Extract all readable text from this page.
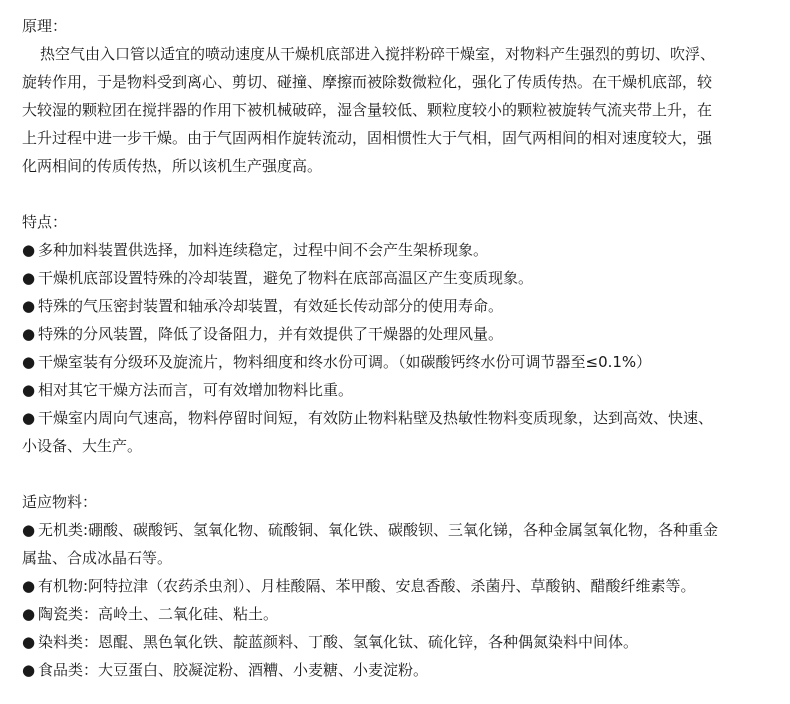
原理：
热空气由入口管以适宜的喷动速度从干燥机底部进入搅拌粉碎干燥室，对物料产生强烈的剪切、吹浮、
旋转作用，于是物料受到离心、剪切、碰撞、摩擦而被除数微粒化，强化了传质传热。在干燥机底部，较
大较湿的颗粒团在搅拌器的作用下被机械破碎，湿含量较低、颗粒度较小的颗粒被旋转气流夹带上升，在
上升过程中进一步干燥。由于气固两相作旋转流动，固相惯性大于气相，固气两相间的相对速度较大，强
化两相间的传质传热，所以该机生产强度高。
特点：
● 多种加料装置供选择，加料连续稳定，过程中间不会产生架桥现象。
● 干燥机底部设置特殊的冷却装置，避免了物料在底部高温区产生变质现象。
● 特殊的气压密封装置和轴承冷却装置，有效延长传动部分的使用寿命。
● 特殊的分风装置，降低了设备阻力，并有效提供了干燥器的处理风量。
● 干燥室装有分级环及旋流片，物料细度和终水份可调。（如碳酸钙终水份可调节器至≤0.1%）
● 相对其它干燥方法而言，可有效增加物料比重。
● 干燥室内周向气速高，物料停留时间短，有效防止物料粘壁及热敏性物料变质现象，达到高效、快速、
小设备、大生产。
适应物料：
● 无机类:硼酸、碳酸钙、氢氧化物、硫酸铜、氧化铁、碳酸钡、三氧化锑，各种金属氢氧化物，各种重金
属盐、合成冰晶石等。
● 有机物:阿特拉津（农药杀虫剂）、月桂酸隔、苯甲酸、安息香酸、杀菌丹、草酸钠、醋酸纤维素等。
● 陶瓷类：高岭土、二氧化硅、粘土。
● 染料类：恩醌、黑色氧化铁、靛蓝颜料、丁酸、氢氧化钛、硫化锌，各种偶氮染料中间体。
● 食品类：大豆蛋白、胶凝淀粉、酒糟、小麦糖、小麦淀粉。
